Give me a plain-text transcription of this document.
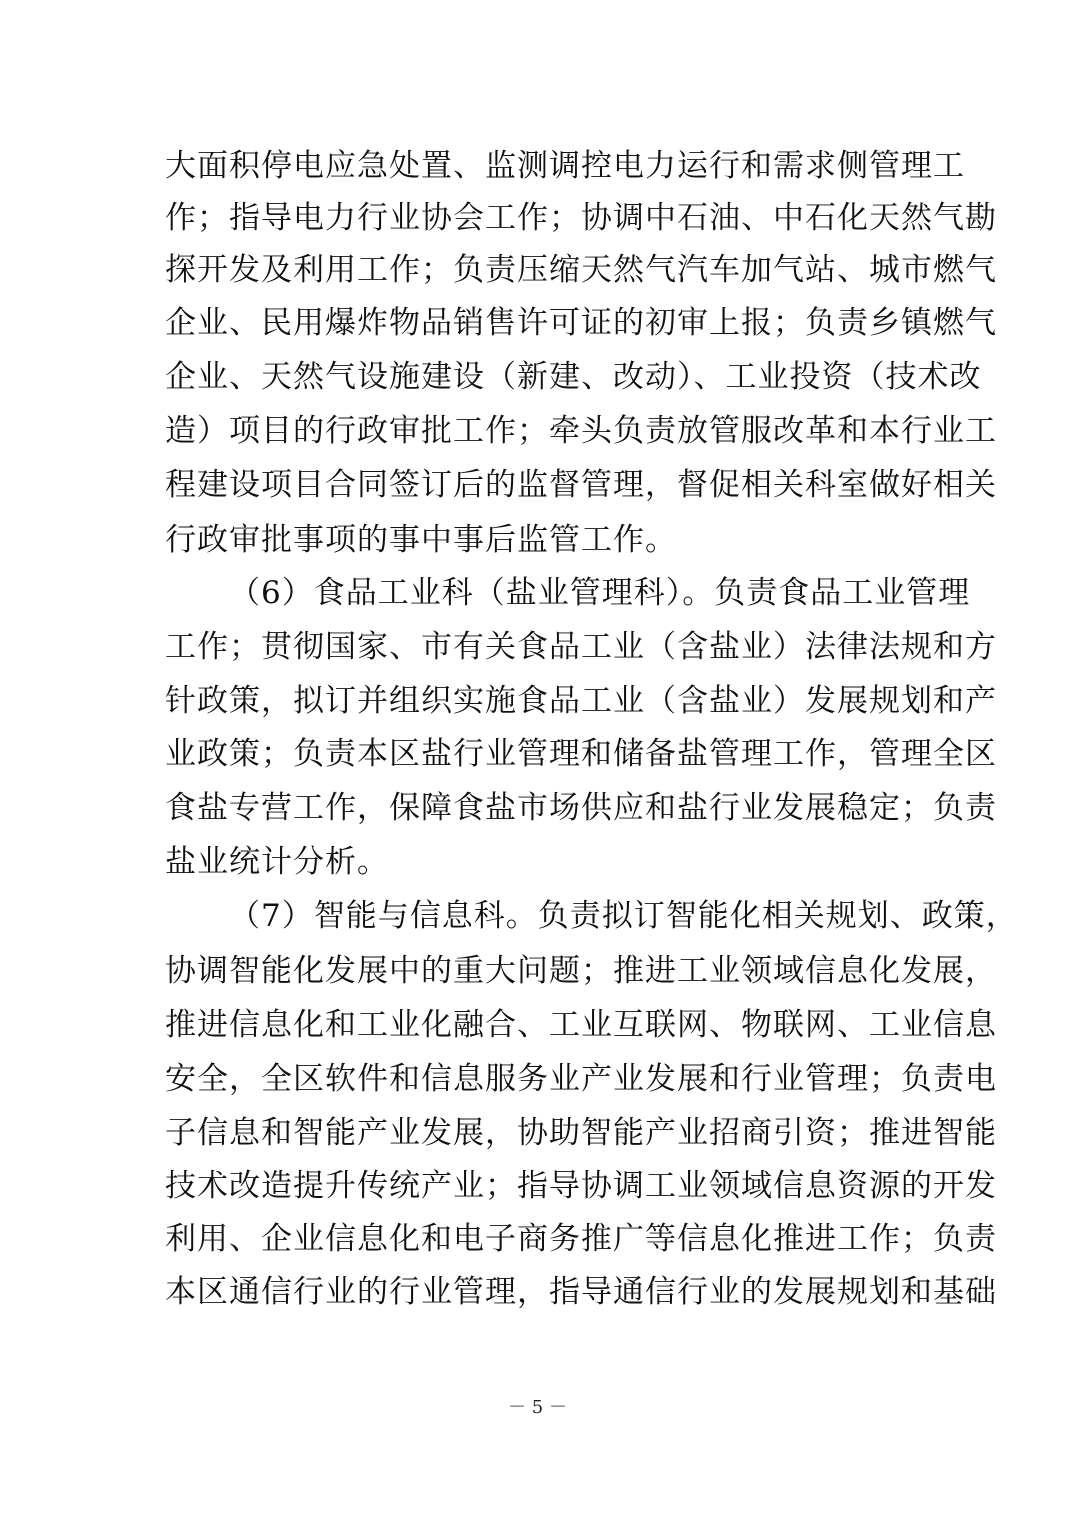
大面积停电应急处置、监测调控电力运行和需求侧管理工
作；指导电力行业协会工作；协调中石油、中石化天然气勘
探开发及利用工作；负责压缩天然气汽车加气站、城市燃气
企业、民用爆炸物品销售许可证的初审上报；负责乡镇燃气
企业、天然气设施建设（新建、改动）、工业投资（技术改
造）项目的行政审批工作；牵头负责放管服改革和本行业工
程建设项目合同签订后的监督管理，督促相关科室做好相关
行政审批事项的事中事后监管工作。
（6）食品工业科（盐业管理科）。负责食品工业管理
工作；贯彻国家、市有关食品工业（含盐业）法律法规和方
针政策，拟订并组织实施食品工业（含盐业）发展规划和产
业政策；负责本区盐行业管理和储备盐管理工作，管理全区
食盐专营工作，保障食盐市场供应和盐行业发展稳定；负责
盐业统计分析。
（7）智能与信息科。负责拟订智能化相关规划、政策，
协调智能化发展中的重大问题；推进工业领域信息化发展，
推进信息化和工业化融合、工业互联网、物联网、工业信息
安全，全区软件和信息服务业产业发展和行业管理；负责电
子信息和智能产业发展，协助智能产业招商引资；推进智能
技术改造提升传统产业；指导协调工业领域信息资源的开发
利用、企业信息化和电子商务推广等信息化推进工作；负责
本区通信行业的行业管理，指导通信行业的发展规划和基础
－ 5 －
